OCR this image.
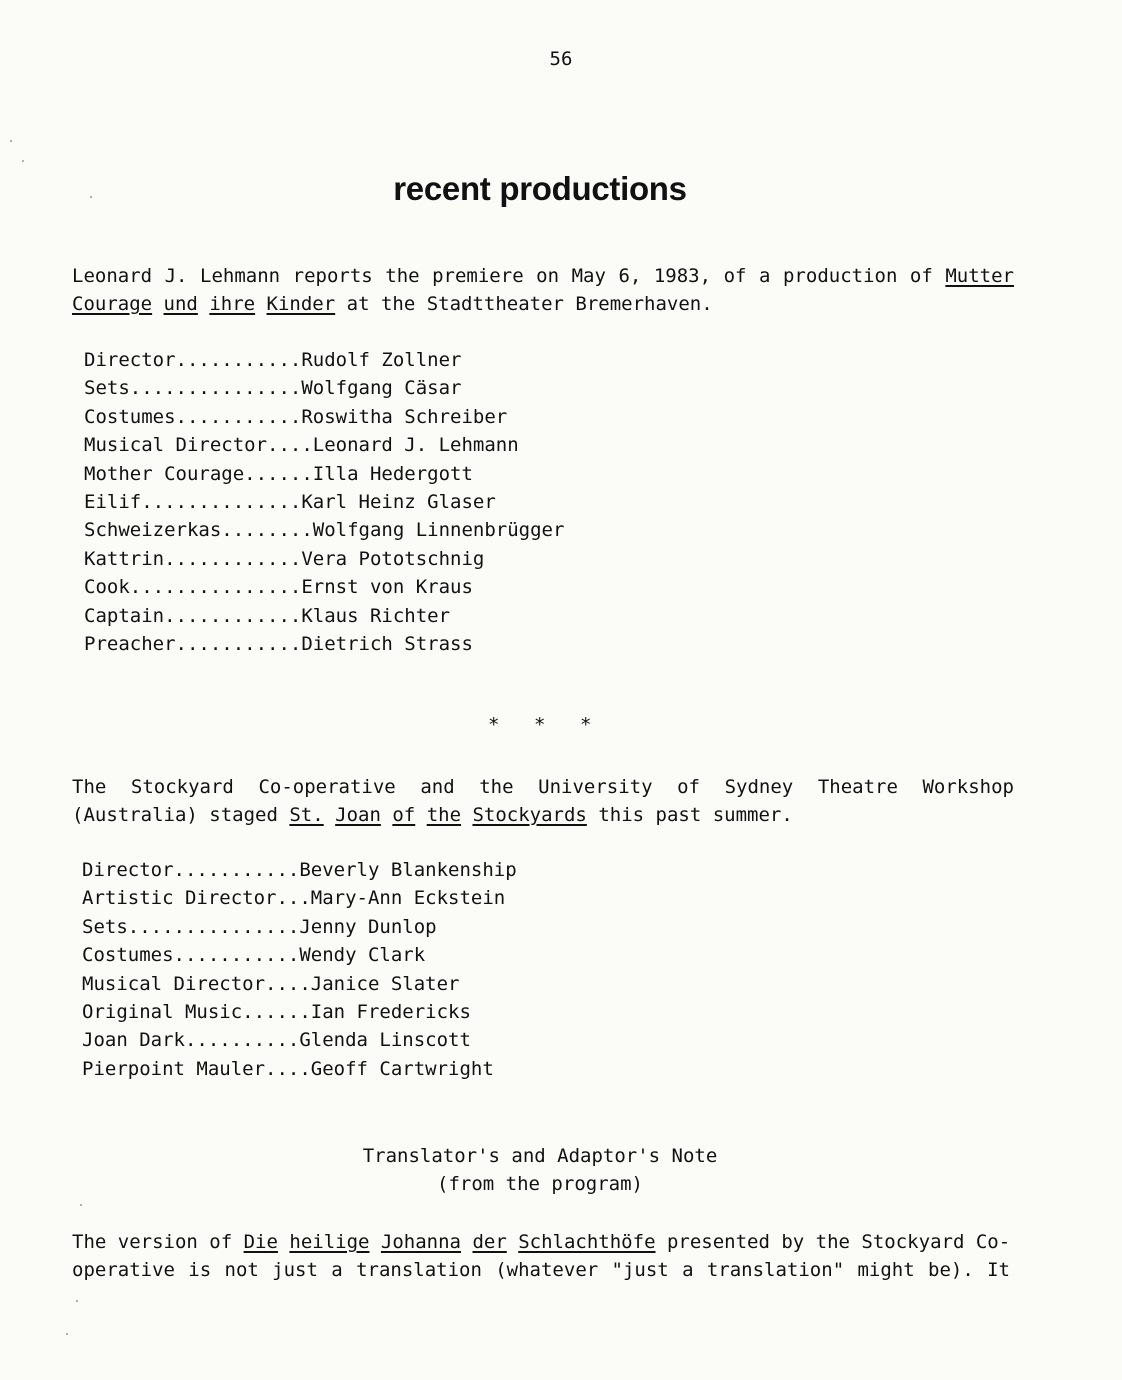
56
recent productions
Leonard J. Lehmann reports the premiere on May 6, 1983, of a production of Mutter
Courage und ihre Kinder at the Stadttheater Bremerhaven.
Director...........Rudolf Zollner
Sets...............Wolfgang Cäsar
Costumes...........Roswitha Schreiber
Musical Director....Leonard J. Lehmann
Mother Courage......Illa Hedergott
Eilif..............Karl Heinz Glaser
Schweizerkas........Wolfgang Linnenbrügger
Kattrin............Vera Pototschnig
Cook...............Ernst von Kraus
Captain............Klaus Richter
Preacher...........Dietrich Strass
* * *
The Stockyard Co-operative and the University of Sydney Theatre Workshop
(Australia) staged St. Joan of the Stockyards this past summer.
Director...........Beverly Blankenship
Artistic Director...Mary-Ann Eckstein
Sets...............Jenny Dunlop
Costumes...........Wendy Clark
Musical Director....Janice Slater
Original Music......Ian Fredericks
Joan Dark..........Glenda Linscott
Pierpoint Mauler....Geoff Cartwright
Translator's and Adaptor's Note
(from the program)
The version of Die heilige Johanna der Schlachthöfe presented by the Stockyard Co-
operative is not just a translation (whatever "just a translation" might be). It
